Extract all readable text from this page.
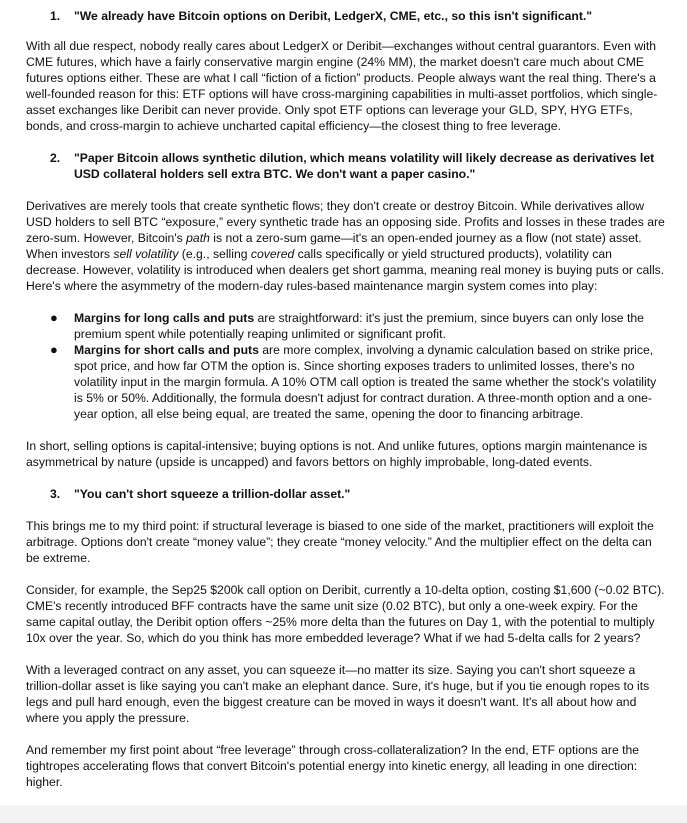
1.	"We already have Bitcoin options on Deribit, LedgerX, CME, etc., so this isn't significant."

With all due respect, nobody really cares about LedgerX or Deribit—exchanges without central guarantors. Even with CME futures, which have a fairly conservative margin engine (24% MM), the market doesn't care much about CME futures options either. These are what I call “fiction of a fiction” products. People always want the real thing. There's a well-founded reason for this: ETF options will have cross-margining capabilities in multi-asset portfolios, which single-asset exchanges like Deribit can never provide. Only spot ETF options can leverage your GLD, SPY, HYG ETFs, bonds, and cross-margin to achieve uncharted capital efficiency—the closest thing to free leverage.

2.	"Paper Bitcoin allows synthetic dilution, which means volatility will likely decrease as derivatives let USD collateral holders sell extra BTC. We don't want a paper casino."

Derivatives are merely tools that create synthetic flows; they don't create or destroy Bitcoin. While derivatives allow USD holders to sell BTC “exposure,” every synthetic trade has an opposing side. Profits and losses in these trades are zero-sum. However, Bitcoin's path is not a zero-sum game—it's an open-ended journey as a flow (not state) asset. When investors sell volatility (e.g., selling covered calls specifically or yield structured products), volatility can decrease. However, volatility is introduced when dealers get short gamma, meaning real money is buying puts or calls. Here's where the asymmetry of the modern-day rules-based maintenance margin system comes into play:

●	Margins for long calls and puts are straightforward: it's just the premium, since buyers can only lose the premium spent while potentially reaping unlimited or significant profit.
●	Margins for short calls and puts are more complex, involving a dynamic calculation based on strike price, spot price, and how far OTM the option is. Since shorting exposes traders to unlimited losses, there's no volatility input in the margin formula. A 10% OTM call option is treated the same whether the stock's volatility is 5% or 50%. Additionally, the formula doesn't adjust for contract duration. A three-month option and a one-year option, all else being equal, are treated the same, opening the door to financing arbitrage.

In short, selling options is capital-intensive; buying options is not. And unlike futures, options margin maintenance is asymmetrical by nature (upside is uncapped) and favors bettors on highly improbable, long-dated events.

3.	"You can't short squeeze a trillion-dollar asset."

This brings me to my third point: if structural leverage is biased to one side of the market, practitioners will exploit the arbitrage. Options don't create “money value”; they create “money velocity.” And the multiplier effect on the delta can be extreme.

Consider, for example, the Sep25 $200k call option on Deribit, currently a 10-delta option, costing $1,600 (~0.02 BTC). CME's recently introduced BFF contracts have the same unit size (0.02 BTC), but only a one-week expiry. For the same capital outlay, the Deribit option offers ~25% more delta than the futures on Day 1, with the potential to multiply 10x over the year. So, which do you think has more embedded leverage? What if we had 5-delta calls for 2 years?

With a leveraged contract on any asset, you can squeeze it—no matter its size. Saying you can't short squeeze a trillion-dollar asset is like saying you can't make an elephant dance. Sure, it's huge, but if you tie enough ropes to its legs and pull hard enough, even the biggest creature can be moved in ways it doesn't want. It's all about how and where you apply the pressure.

And remember my first point about “free leverage” through cross-collateralization? In the end, ETF options are the tightropes accelerating flows that convert Bitcoin's potential energy into kinetic energy, all leading in one direction: higher.
